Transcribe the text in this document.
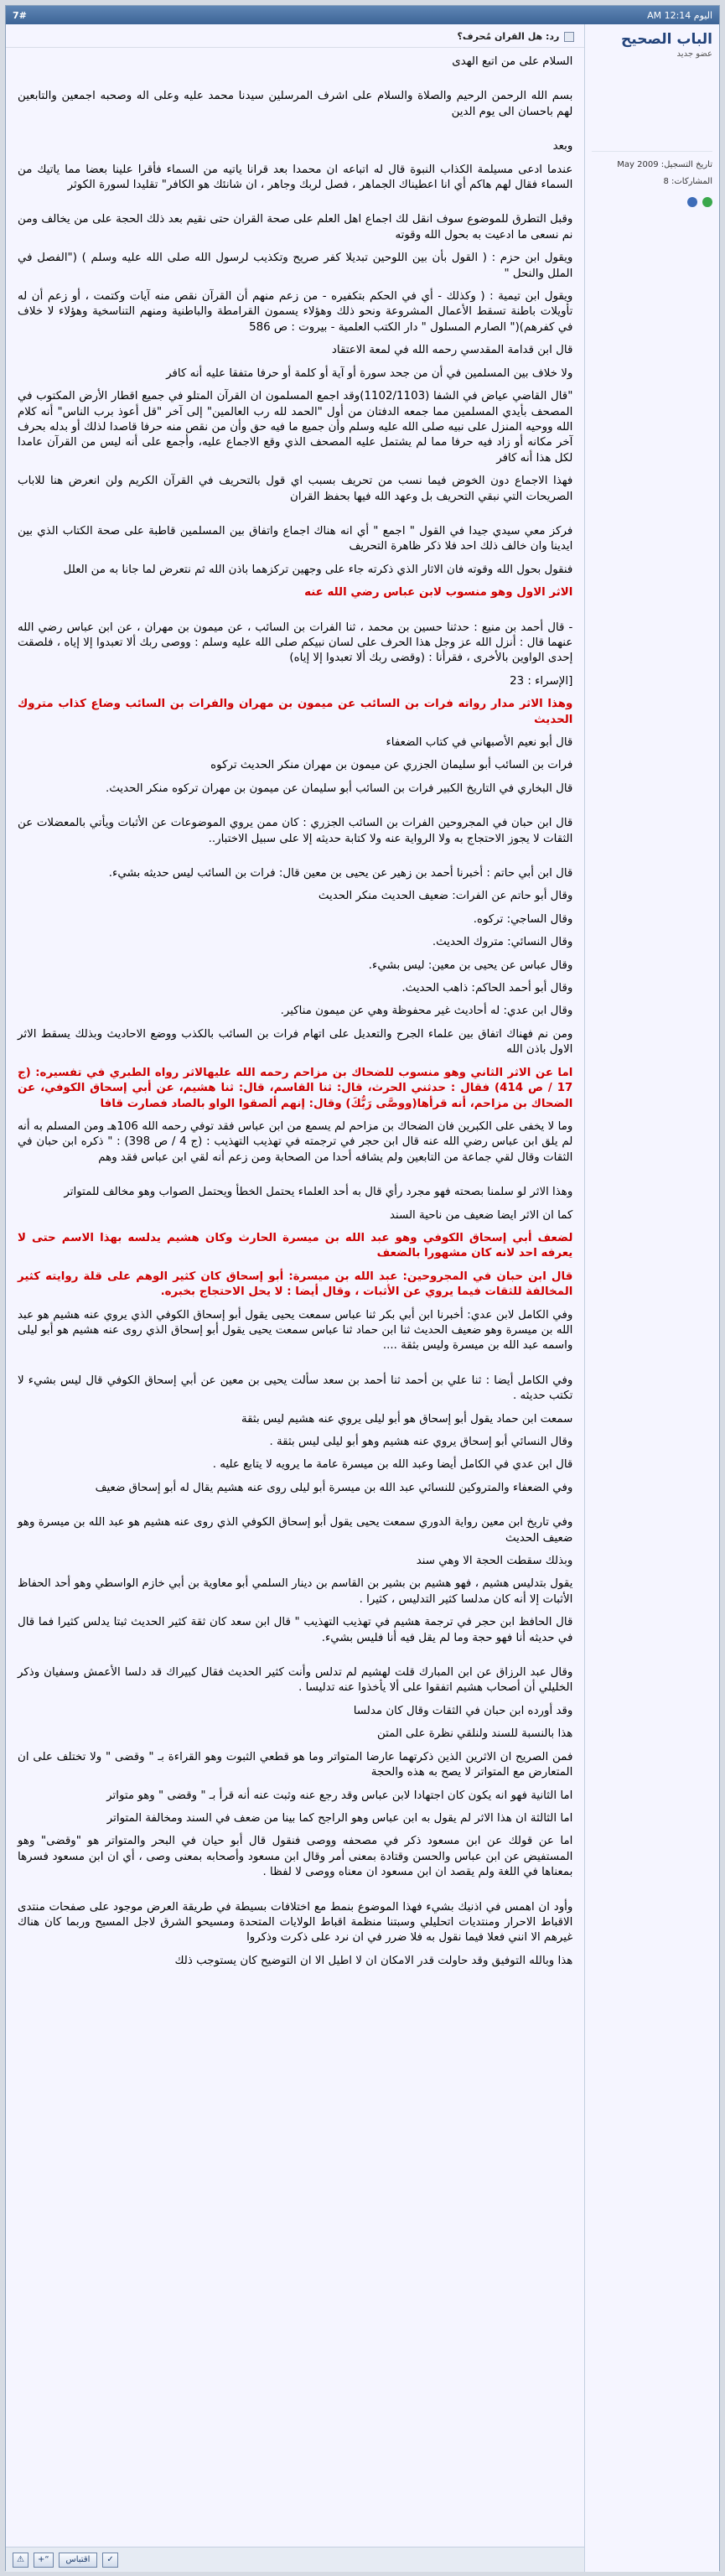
7#	اليوم 12:14 AM
رد: هل القران مُحرف؟

السلام على من اتبع الهدى

بسم الله الرحمن الرحيم والصلاة والسلام على اشرف المرسلين سيدنا محمد عليه وعلى اله وصحبه اجمعين والتابعين لهم باحسان الى يوم الدين

وبعد

عندما ادعى مسيلمة الكذاب النبوة قال له اتباعه ان محمدا بعد قرانا ياتيه من السماء فأقرا علينا بعضا مما ياتيك من السماء فقال لهم هاكم أي انا اعطيناك الجماهر ، فصل لربك وجاهر ، ان شانئك هو الكافر" تقليدا لسورة الكوثر

وقبل التطرق للموضوع سوف انقل لك اجماع اهل العلم على صحة القران حتى نقيم بعد ذلك الحجة على من يخالف ومن نم نسعى ما ادعيت به بحول الله وقوته

ويقول ابن حزم : ( القول بأن بين اللوحين تبديلا كفر صريح وتكذيب لرسول الله صلى الله عليه وسلم ) ("الفصل في الملل والنحل "

ويقول ابن تيمية : ( وكذلك - أي في الحكم بتكفيره - من زعم منهم أن القرآن نقص منه آيات وكتمت ، أو زعم أن له تأويلات باطنة تسقط الأعمال المشروعة ونحو ذلك وهؤلاء يسمون القرامطة والباطنية ومنهم التناسخية وهؤلاء لا خلاف في كفرهم)(" الصارم المسلول " دار الكتب العلمية - بيروت : ص 586

قال ابن قدامة المقدسي رحمه الله في لمعة الاعتقاد

ولا خلاف بين المسلمين في أن من جحد سورة أو آية أو كلمة أو حرفا متفقا عليه أنه كافر

"قال القاضي عياض في الشفا (1102/1103)وقد اجمع المسلمون ان القرآن المتلو في جميع اقطار الأرض المكتوب في المصحف بأيدي المسلمين مما جمعه الدفتان من أول "الحمد لله رب العالمين" إلى آخر "قل أعوذ برب الناس" أنه كلام الله ووحيه المنزل على نبيه صلى الله عليه وسلم وأن جميع ما فيه حق وأن من نقص منه حرفا قاصدا لذلك أو بدله بحرف آخر مكانه أو زاد فيه حرفا مما لم يشتمل عليه المصحف الذي وقع الاجماع عليه، وأجمع على أنه ليس من القرآن عامدا لكل هذا أنه كافر

فهذا الاجماع دون الخوض فيما نسب من تحريف بسبب اي قول بالتحريف في القرآن الكريم ولن انعرض هنا للاباب الصريحات التي نبقي التحريف بل وعهد الله فيها بحفظ القران

فركز معي سيدي جيدا في القول " اجمع " أي انه هناك اجماع واتفاق بين المسلمين قاطبة على صحة الكتاب الذي بين ايدينا وان خالف ذلك احد فلا ذكر ظاهرة التحريف

فنقول بحول الله وقوته فان الاثار الذي ذكرته جاء على وجهين تركزهما باذن الله ثم نتعرض لما جانا به من العلل

الاثر الاول وهو منسوب لابن عباس رضي الله عنه

- قال أحمد بن منيع : حدثنا حسين بن محمد ، ثنا الفرات بن السائب ، عن ميمون بن مهران ، عن ابن عباس رضي الله عنهما قال : أنزل الله عز وجل هذا الحرف على لسان نبيكم صلى الله عليه وسلم : ووصى ربك ألا تعبدوا إلا إياه ، فلصقت إحدى الواوين بالأخرى ، فقرأنا : (وقضى ربك ألا تعبدوا إلا إياه)

[الإسراء : 23

وهذا الاثر مدار رواته فرات بن السائب عن ميمون بن مهران والفرات بن السائب وضاع كذاب متروك الحديث

قال أبو نعيم الأصبهاني في كتاب الضعفاء

فرات بن السائب أبو سليمان الجزري عن ميمون بن مهران منكر الحديث تركوه

قال البخاري في التاريخ الكبير فرات بن السائب أبو سليمان عن ميمون بن مهران تركوه منكر الحديث.

قال ابن حبان في المجروحين الفرات بن السائب الجزري : كان ممن يروي الموضوعات عن الأثبات ويأتي بالمعضلات عن الثقات لا يجوز الاحتجاج به ولا الرواية عنه ولا كتابة حديثه إلا على سبيل الاختبار..

قال ابن أبي حاتم : أخبرنا أحمد بن زهير عن يحيى بن معين قال: فرات بن السائب ليس حديثه بشيء.

وقال أبو حاتم عن الفرات: ضعيف الحديث منكر الحديث

وقال الساجي: تركوه.

وقال النسائي: متروك الحديث.

وقال عباس عن يحيى بن معين: ليس بشيء.

وقال أبو أحمد الحاكم: ذاهب الحديث.

وقال ابن عدي: له أحاديث غير محفوظة وهي عن ميمون مناكير.

ومن نم فهناك اتفاق بين علماء الجرح والتعديل على اتهام فرات بن السائب بالكذب ووضع الاحاديث وبذلك يسقط الاثر الاول باذن الله

اما عن الاثر الثاني وهو منسوب للضحاك بن مزاحم رحمه الله عليهالاثر رواه الطبري في تفسيره: (ج 17 / ص 414) فقال : حدثني الحرث، قال: ثنا القاسم، قال: ثنا هشيم، عن أبي إسحاق الكوفي، عن الضحاك بن مزاحم، أنه قرأها(ووصَّى رَبُّكَ) وقال: إنهم ألصقوا الواو بالصاد فصارت قافا

وما لا يخفى على الكبرين فان الضحاك بن مزاحم لم يسمع من ابن عباس فقد توفي رحمه الله 106هـ ومن المسلم به أنه لم يلق ابن عباس رضي الله عنه قال ابن حجر في ترجمته في تهذيب التهذيب : (ج 4 / ص 398) : " ذكره ابن حبان في الثقات وقال لقي جماعة من التابعين ولم يشافه أحدا من الصحابة ومن زعم أنه لقي ابن عباس فقد وهم

وهذا الاثر لو سلمنا بصحته فهو مجرد رأي قال به أحد العلماء يحتمل الخطأ ويحتمل الصواب وهو مخالف للمتواتر

كما ان الاثر ايضا ضعيف من ناحية السند

لضعف أبي إسحاق الكوفي وهو عبد الله بن ميسرة الحارث وكان هشيم يدلسه بهذا الاسم حتى لا يعرفه احد لانه كان مشهورا بالضعف

قال ابن حبان في المجروحين: عبد الله بن ميسرة: أبو إسحاق كان كثير الوهم على قلة روايته كثير المخالفة للثقات فيما يروي عن الأثبات ، وقال أيضا : لا يحل الاحتجاج بخبره.

وفي الكامل لابن عدي: أخبرنا ابن أبي بكر ثنا عباس سمعت يحيى يقول أبو إسحاق الكوفي الذي يروي عنه هشيم هو عبد الله بن ميسرة وهو ضعيف الحديث ثنا ابن حماد ثنا عباس سمعت يحيى يقول أبو إسحاق الذي روى عنه هشيم هو أبو ليلى واسمه عبد الله بن ميسرة وليس بثقة ....

وفي الكامل أيضا : ثنا علي بن أحمد ثنا أحمد بن سعد سألت يحيى بن معين عن أبي إسحاق الكوفي قال ليس بشيء لا تكتب حديثه .

سمعت ابن حماد يقول أبو إسحاق هو أبو ليلى يروي عنه هشيم ليس بثقة

وقال النسائي أبو إسحاق يروي عنه هشيم وهو أبو ليلى ليس بثقة .

قال ابن عدي في الكامل أيضا وعبد الله بن ميسرة عامة ما يرويه لا يتابع عليه .

وفي الضعفاء والمتروكين للنسائي عبد الله بن ميسرة أبو ليلى روى عنه هشيم يقال له أبو إسحاق ضعيف

وفي تاريخ ابن معين رواية الدوري سمعت يحيى يقول أبو إسحاق الكوفي الذي روى عنه هشيم هو عبد الله بن ميسرة وهو ضعيف الحديث

وبذلك سقطت الحجة الا وهي سند

يقول بتدليس هشيم ، فهو هشيم بن بشير بن القاسم بن دينار السلمي أبو معاوية بن أبي خازم الواسطي وهو أحد الحفاظ الأثبات إلا أنه كان مدلسا كثير التدليس ، كثيرا .

قال الحافظ ابن حجر في ترجمة هشيم في تهذيب التهذيب " قال ابن سعد كان ثقة كثير الحديث ثبتا يدلس كثيرا فما قال في حديثه أنا فهو حجة وما لم يقل فيه أنا فليس بشيء.

وقال عبد الرزاق عن ابن المبارك قلت لهشيم لم تدلس وأنت كثير الحديث فقال كبيراك قد دلسا الأعمش وسفيان وذكر الخليلي أن أصحاب هشيم اتفقوا على ألا يأخذوا عنه تدليسا .

وقد أورده ابن حبان في الثقات وقال كان مدلسا

هذا بالنسبة للسند ولنلقي نظرة على المتن

فمن الصريح ان الاثرين الذين ذكرتهما عارضا المتواتر وما هو قطعي الثبوت وهو القراءة بـ " وقضى " ولا تختلف على ان المتعارض مع المتواتر لا يصح به هذه والحجة

اما الثانية فهو انه يكون كان اجتهادا لابن عباس وقد رجع عنه وثبت عنه أنه قرأ بـ " وقضى " وهو متواتر

اما الثالثة ان هذا الاثر لم يقول به ابن عباس وهو الراجح كما بينا من ضعف في السند ومخالفة المتواتر

اما عن قولك عن ابن مسعود ذكر في مصحفه ووصى فنقول قال أبو حيان في البحر والمتواتر هو "وقضى" وهو المستفيض عن ابن عباس والحسن وقتادة بمعنى أمر وقال ابن مسعود وأصحابه بمعنى وصى ، أي ان ابن مسعود فسرها بمعناها في اللغة ولم يقصد ان ابن مسعود ان معناه ووصى لا لفظا .

وأود ان اهمس في اذنيك بشيء فهذا الموضوع بنمط مع اختلافات بسيطة في طريقة العرض موجود على صفحات منتدى الاقباط الاحرار ومنتديات اتحليلي وسبتنا منظمة اقباط الولايات المتحدة ومسيحو الشرق لاجل المسيح وربما كان هناك غيرهم الا انني فعلا فيما نقول به فلا ضرر في ان نرد على ذكرت وذكروا

هذا وبالله التوفيق وقد حاولت قدر الامكان ان لا اطيل الا ان التوضيح كان يستوجب ذلك

⚠	+“	اقتباس	✓
الباب الصحيح
عضو جديد
تاريخ التسجيل: May 2009
المشاركات: 8
